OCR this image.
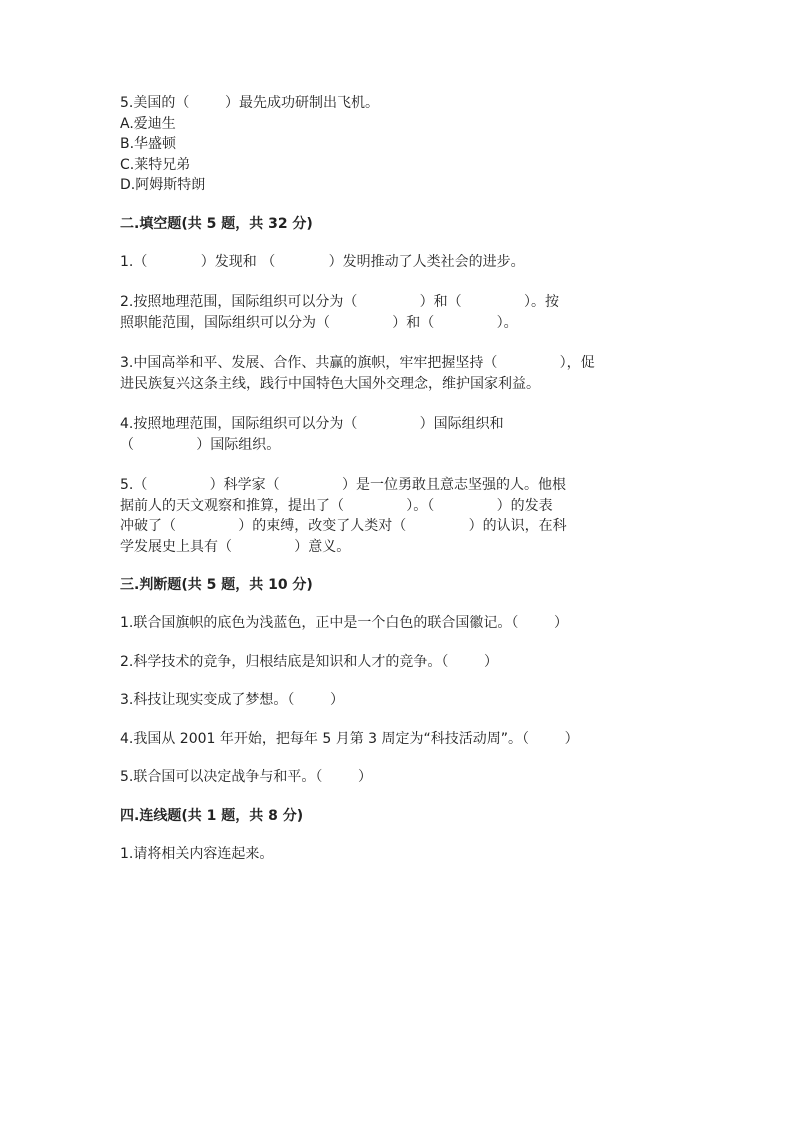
5.美国的（        ）最先成功研制出飞机。
A.爱迪生
B.华盛顿
C.莱特兄弟
D.阿姆斯特朗
二.填空题(共 5 题，共 32 分)
1.（            ）发现和 （            ）发明推动了人类社会的进步。
2.按照地理范围，国际组织可以分为（              ）和（              ）。按
照职能范围，国际组织可以分为（              ）和（              ）。
3.中国高举和平、发展、合作、共赢的旗帜，牢牢把握坚持（              ），促
进民族复兴这条主线，践行中国特色大国外交理念，维护国家利益。
4.按照地理范围，国际组织可以分为（              ）国际组织和
（              ）国际组织。
5.（              ）科学家（              ）是一位勇敢且意志坚强的人。他根
据前人的天文观察和推算，提出了（              ）。（              ）的发表
冲破了（              ）的束缚，改变了人类对（              ）的认识，在科
学发展史上具有（              ）意义。
三.判断题(共 5 题，共 10 分)
1.联合国旗帜的底色为浅蓝色，正中是一个白色的联合国徽记。（        ）
2.科学技术的竞争，归根结底是知识和人才的竞争。（        ）
3.科技让现实变成了梦想。（        ）
4.我国从 2001 年开始，把每年 5 月第 3 周定为“科技活动周”。（        ）
5.联合国可以决定战争与和平。（        ）
四.连线题(共 1 题，共 8 分)
1.请将相关内容连起来。
